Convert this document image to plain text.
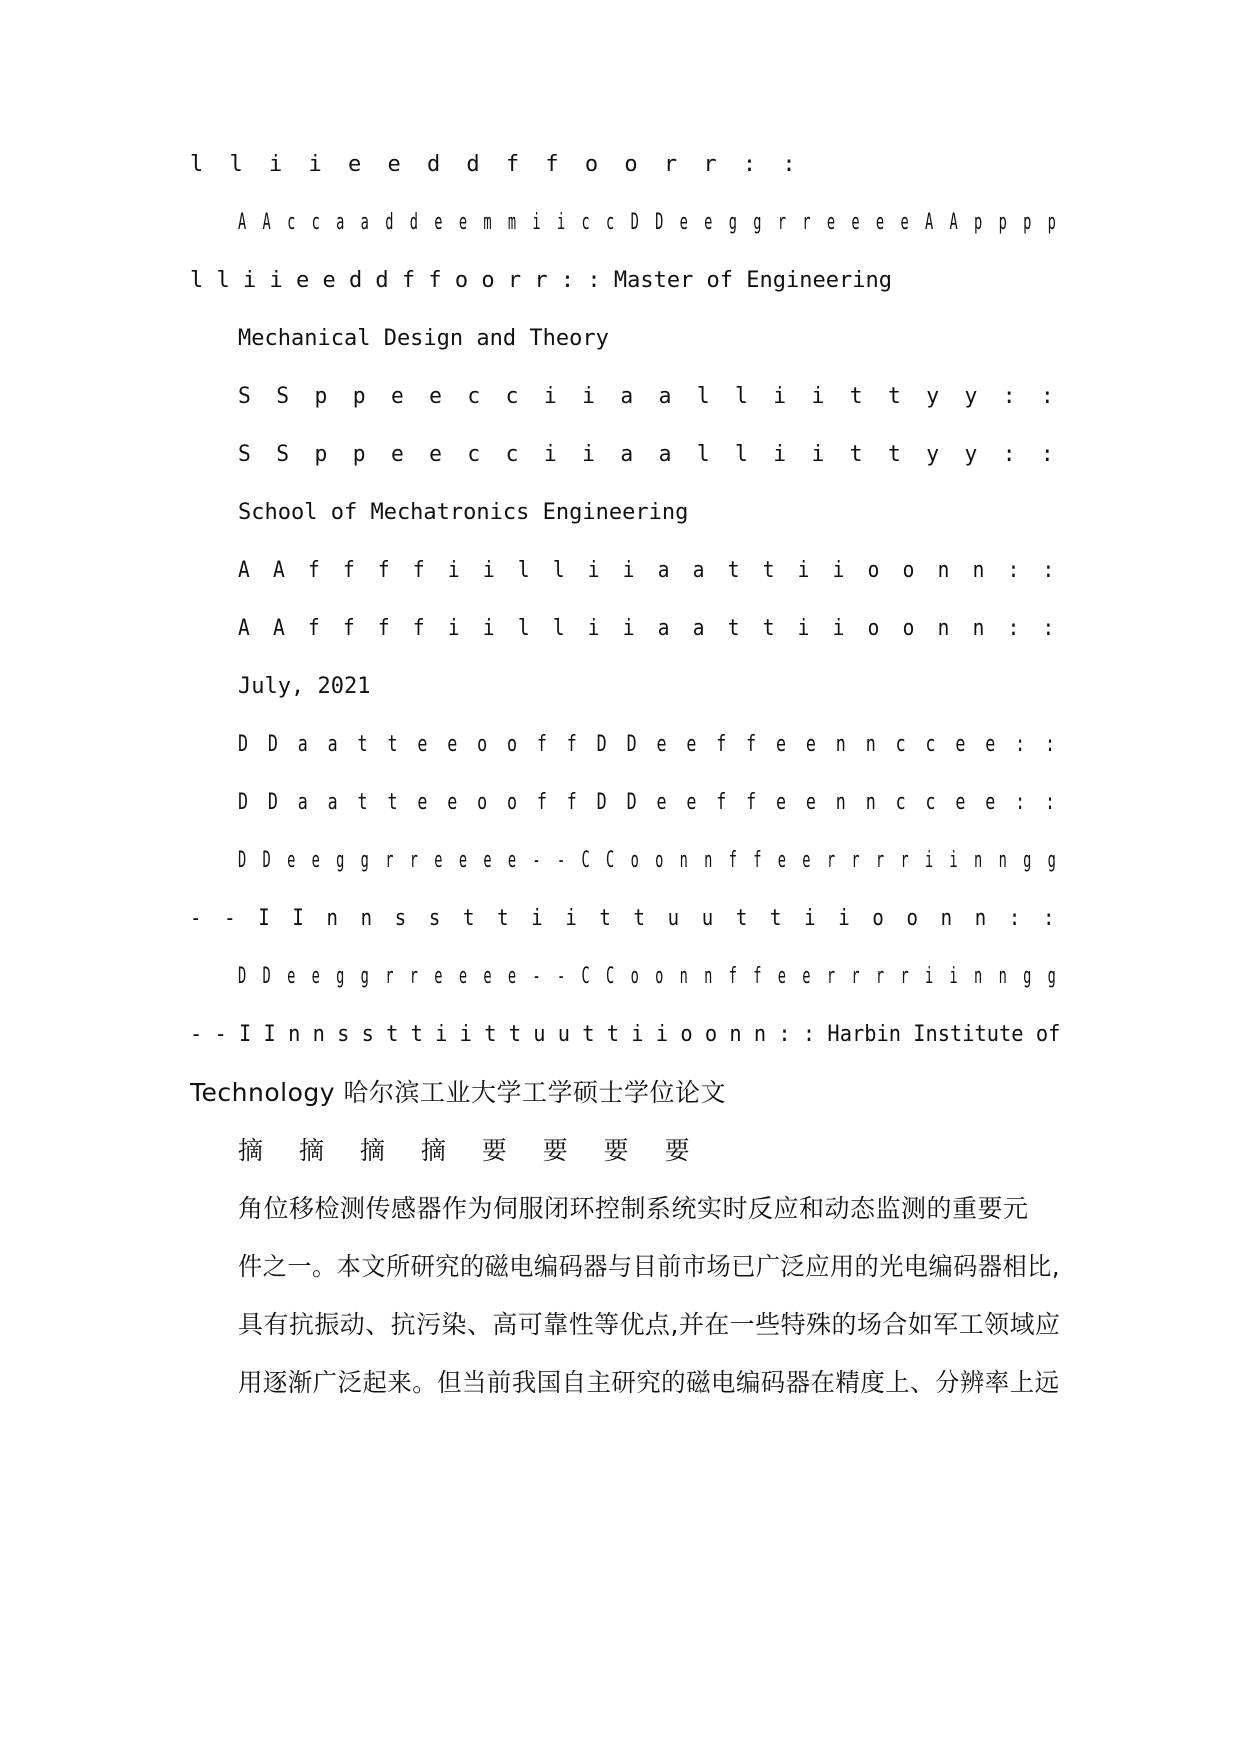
l l i i e e d d f f o o r r : :
A A c c a a d d e e m m i i c c D D e e g g r r e e e e A A p p p p
l l i i e e d d f f o o r r : : Master of Engineering
Mechanical Design and Theory
S S p p e e c c i i a a l l i i t t y y : :
S S p p e e c c i i a a l l i i t t y y : :
School of Mechatronics Engineering
A A f f f f i i l l i i a a t t i i o o n n : :
A A f f f f i i l l i i a a t t i i o o n n : :
July, 2021
D D a a t t e e o o f f D D e e f f e e n n c c e e : :
D D a a t t e e o o f f D D e e f f e e n n c c e e : :
D D e e g g r r e e e e - - C C o o n n f f e e r r r r i i n n g g
- - I I n n s s t t i i t t u u t t i i o o n n : :
D D e e g g r r e e e e - - C C o o n n f f e e r r r r i i n n g g
- - I I n n s s t t i i t t u u t t i i o o n n : : Harbin Institute of
Technology 哈尔滨工业大学工学硕士学位论文
摘 摘 摘 摘 要 要 要 要
角位移检测传感器作为伺服闭环控制系统实时反应和动态监测的重要元
件之一。本文所研究的磁电编码器与目前市场已广泛应用的光电编码器相比,
具有抗振动、抗污染、高可靠性等优点,并在一些特殊的场合如军工领域应
用逐渐广泛起来。但当前我国自主研究的磁电编码器在精度上、分辨率上远
